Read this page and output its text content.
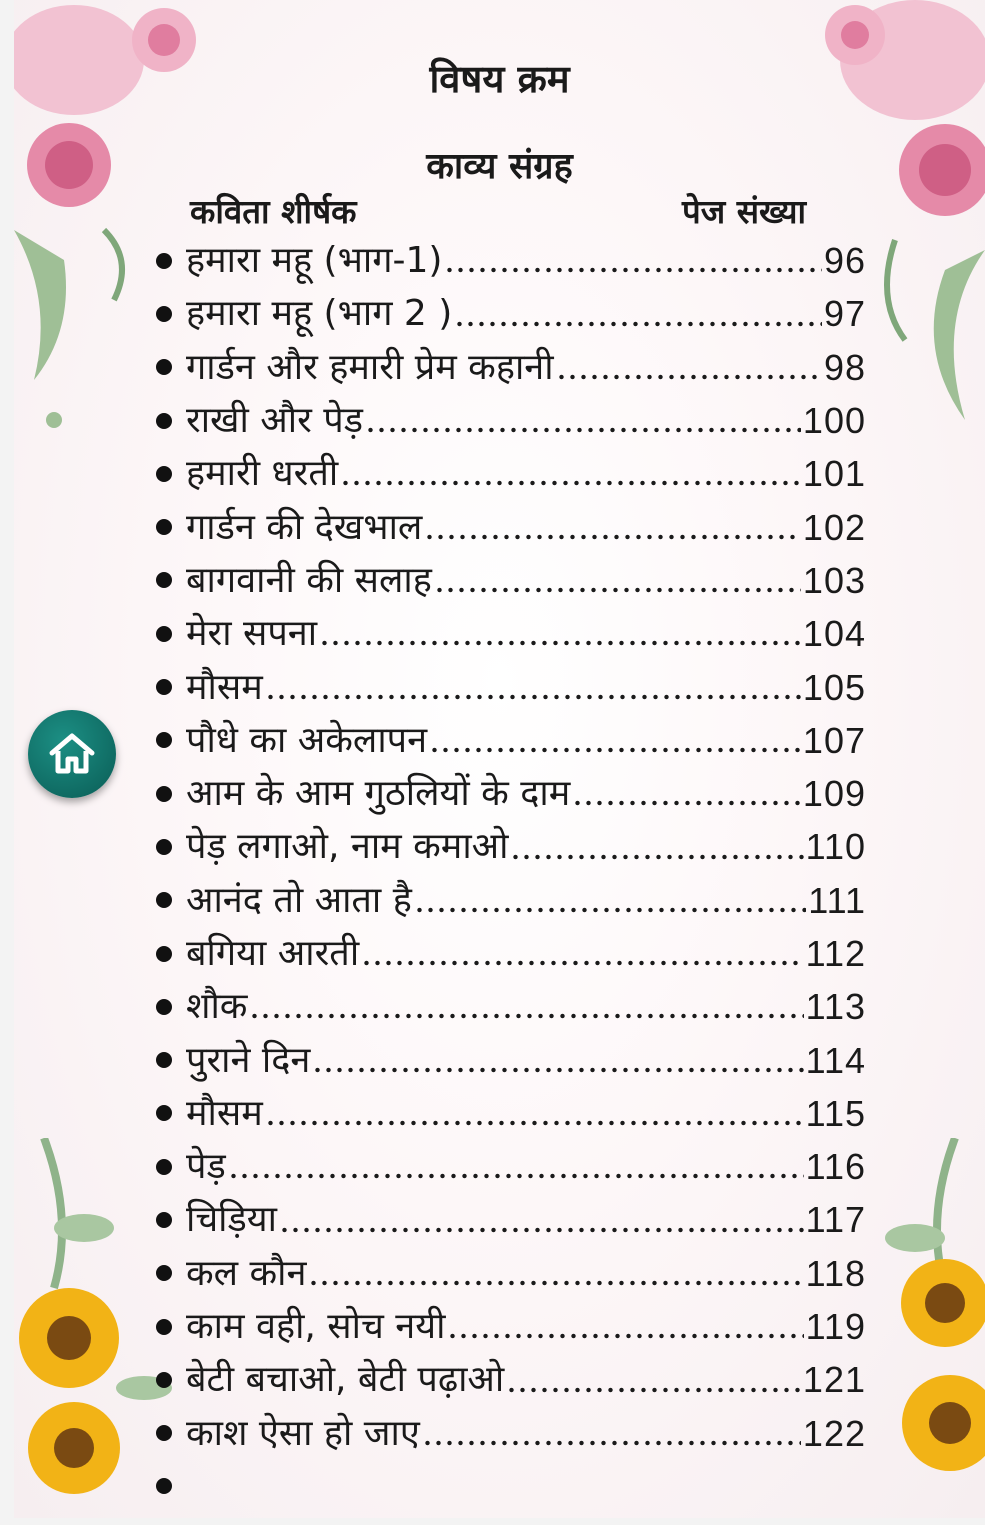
विषय क्रम
काव्य संग्रह
कविता शीर्षक	पेज संख्या
हमारा महू (भाग-1)	96
हमारा महू (भाग 2 )	97
गार्डन और हमारी प्रेम कहानी	98
राखी और पेड़	100
हमारी धरती	101
गार्डन की देखभाल	102
बागवानी की सलाह	103
मेरा सपना	104
मौसम	105
पौधे का अकेलापन	107
आम के आम गुठलियों के दाम	109
पेड़ लगाओ, नाम कमाओ	110
आनंद तो आता है	111
बगिया आरती	112
शौक	113
पुराने दिन	114
मौसम	115
पेड़	116
चिड़िया	117
कल कौन	118
काम वही, सोच नयी	119
बेटी बचाओ, बेटी पढ़ाओ	121
काश ऐसा हो जाए	122
